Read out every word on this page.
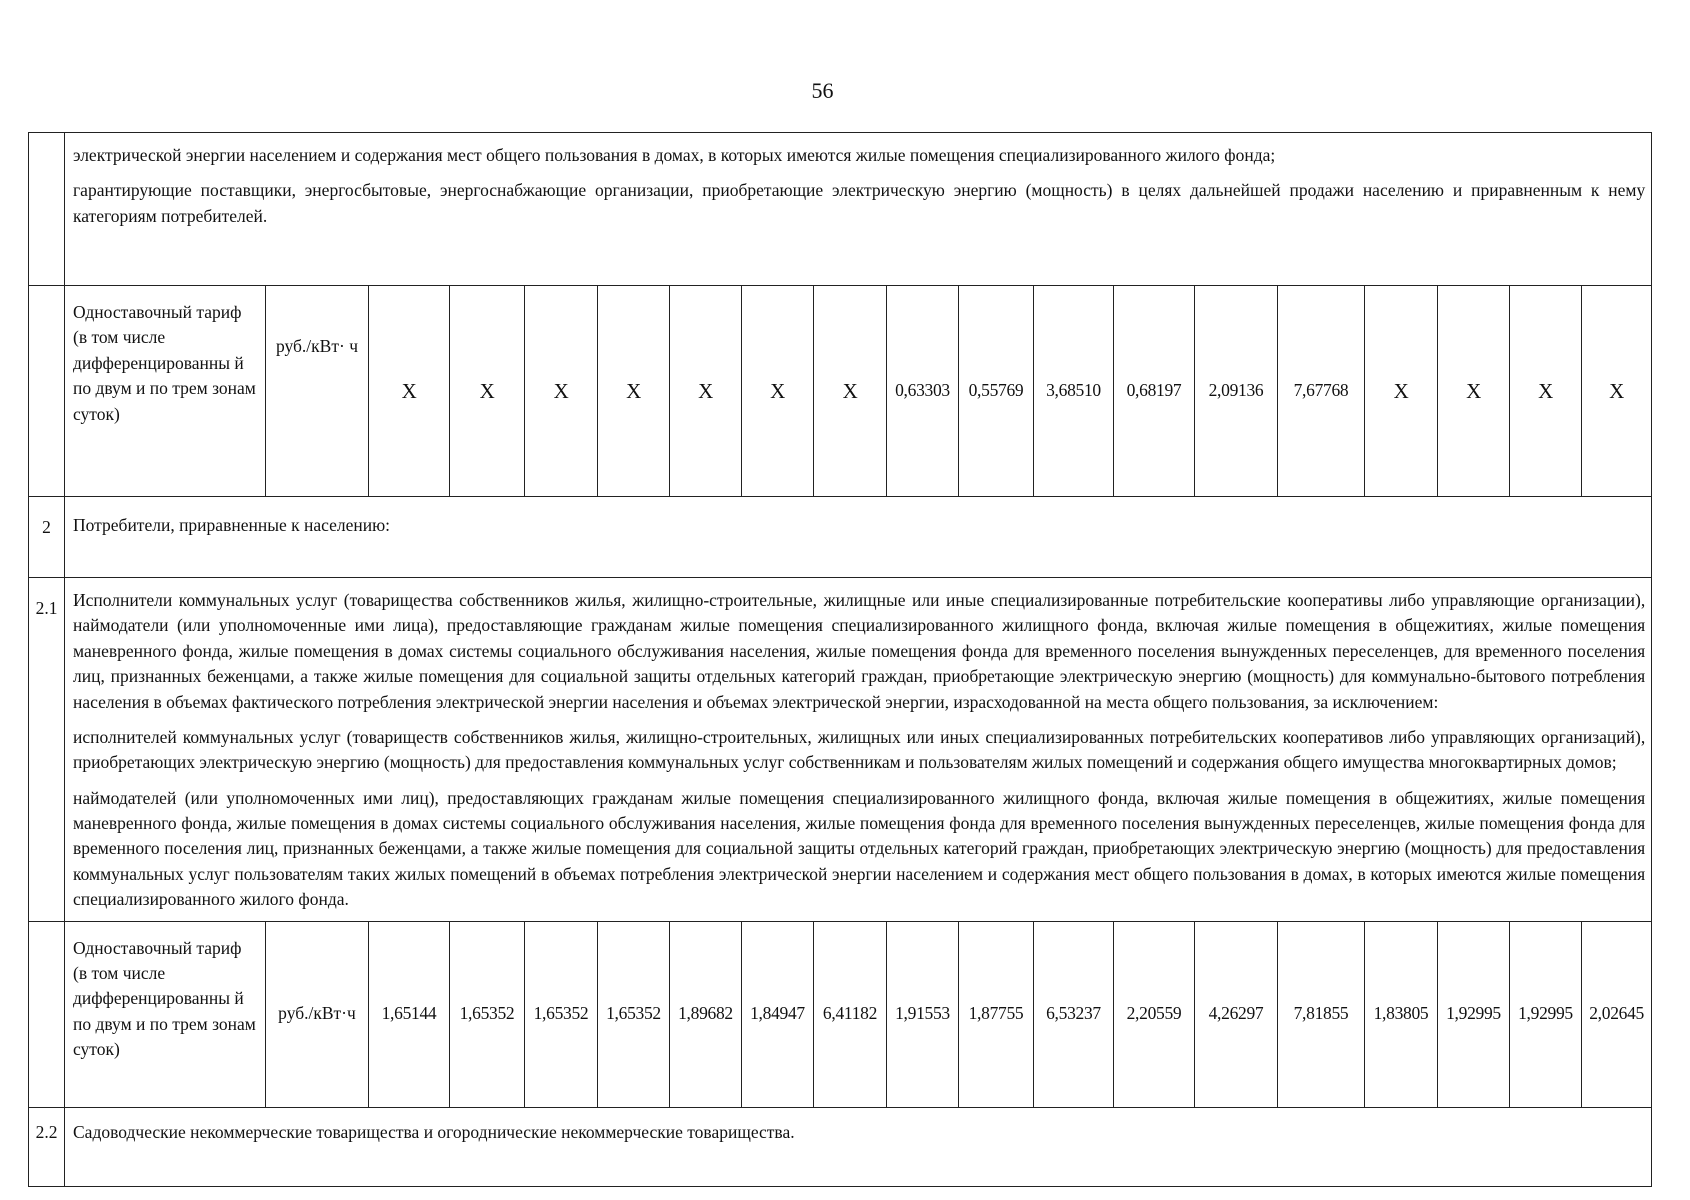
56

	электрической энергии населением и содержания мест общего пользования в домах, в которых имеются жилые помещения специализированного жилого фонда;

гарантирующие поставщики, энергосбытовые, энергоснабжающие организации, приобретающие электрическую энергию (мощность) в целях дальнейшей продажи населению и приравненным к нему категориям потребителей.																		

	Одноставочный тариф (в том числе дифференцированны й по двум и по трем зонам суток)	руб./кВт· ч	Х	Х	Х	Х	Х	Х	Х	0,63303	0,55769	3,68510	0,68197	2,09136	7,67768	Х	Х	Х	Х
2	Потребители, приравненные к населению:																		

2.1	Исполнители коммунальных услуг (товарищества собственников жилья, жилищно-строительные, жилищные или иные специализированные потребительские кооперативы либо управляющие организации), наймодатели (или уполномоченные ими лица), предоставляющие гражданам жилые помещения специализированного жилищного фонда, включая жилые помещения в общежитиях, жилые помещения маневренного фонда, жилые помещения в домах системы социального обслуживания населения, жилые помещения фонда для временного поселения вынужденных переселенцев, для временного поселения лиц, признанных беженцами, а также жилые помещения для социальной защиты отдельных категорий граждан, приобретающие электрическую энергию (мощность) для коммунально-бытового потребления населения в объемах фактического потребления электрической энергии населения и объемах электрической энергии, израсходованной на места общего пользования, за исключением:

исполнителей коммунальных услуг (товариществ собственников жилья, жилищно-строительных, жилищных или иных специализированных потребительских кооперативов либо управляющих организаций), приобретающих электрическую энергию (мощность) для предоставления коммунальных услуг собственникам и пользователям жилых помещений и содержания общего имущества многоквартирных домов;

наймодателей (или уполномоченных ими лиц), предоставляющих гражданам жилые помещения специализированного жилищного фонда, включая жилые помещения в общежитиях, жилые помещения маневренного фонда, жилые помещения в домах системы социального обслуживания населения, жилые помещения фонда для временного поселения вынужденных переселенцев, жилые помещения фонда для временного поселения лиц, признанных беженцами, а также жилые помещения для социальной защиты отдельных категорий граждан, приобретающих электрическую энергию (мощность) для предоставления коммунальных услуг пользователям таких жилых помещений в объемах потребления электрической энергии населением и содержания мест общего пользования в домах, в которых имеются жилые помещения специализированного жилого фонда.																		

	Одноставочный тариф (в том числе дифференцированны й по двум и по трем зонам суток)	руб./кВт·ч	1,65144	1,65352	1,65352	1,65352	1,89682	1,84947	6,41182	1,91553	1,87755	6,53237	2,20559	4,26297	7,81855	1,83805	1,92995	1,92995	2,02645
2.2	Садоводческие некоммерческие товарищества и огороднические некоммерческие товарищества.																		
